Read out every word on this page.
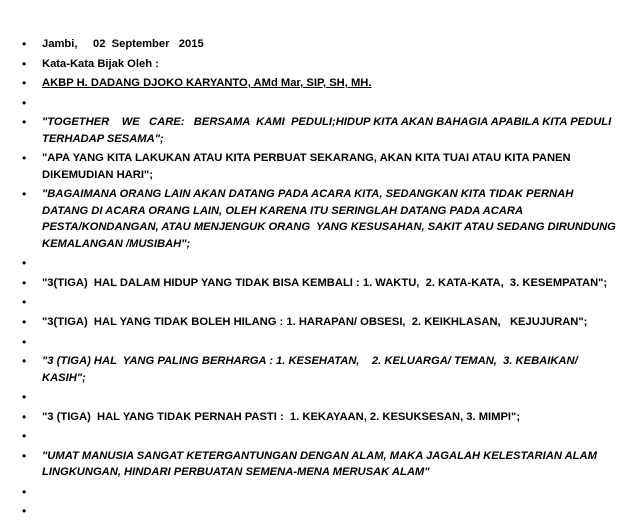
• Jambi,     02  September   2015
• Kata-Kata Bijak Oleh :
• AKBP H. DADANG DJOKO KARYANTO, AMd Mar, SIP, SH, MH.
•
• "TOGETHER    WE   CARE:   BERSAMA  KAMI  PEDULI;HIDUP KITA AKAN BAHAGIA APABILA KITA PEDULI TERHADAP SESAMA";
• "APA YANG KITA LAKUKAN ATAU KITA PERBUAT SEKARANG, AKAN KITA TUAI ATAU KITA PANEN DIKEMUDIAN HARI";
• "BAGAIMANA ORANG LAIN AKAN DATANG PADA ACARA KITA, SEDANGKAN KITA TIDAK PERNAH DATANG DI ACARA ORANG LAIN, OLEH KARENA ITU SERINGLAH DATANG PADA ACARA PESTA/KONDANGAN, ATAU MENJENGUK ORANG  YANG KESUSAHAN, SAKIT ATAU SEDANG DIRUNDUNG KEMALANGAN /MUSIBAH";
•
• "3(TIGA)  HAL DALAM HIDUP YANG TIDAK BISA KEMBALI : 1. WAKTU,  2. KATA-KATA,  3. KESEMPATAN";
•
• "3(TIGA)  HAL YANG TIDAK BOLEH HILANG : 1. HARAPAN/ OBSESI,  2. KEIKHLASAN,   KEJUJURAN";
•
• "3 (TIGA) HAL  YANG PALING BERHARGA : 1. KESEHATAN,    2. KELUARGA/ TEMAN,  3. KEBAIKAN/ KASIH";
•
• "3 (TIGA)  HAL YANG TIDAK PERNAH PASTI :  1. KEKAYAAN, 2. KESUKSESAN, 3. MIMPI";
•
• "UMAT MANUSIA SANGAT KETERGANTUNGAN DENGAN ALAM, MAKA JAGALAH KELESTARIAN ALAM LINGKUNGAN, HINDARI PERBUATAN SEMENA-MENA MERUSAK ALAM"
•
•
